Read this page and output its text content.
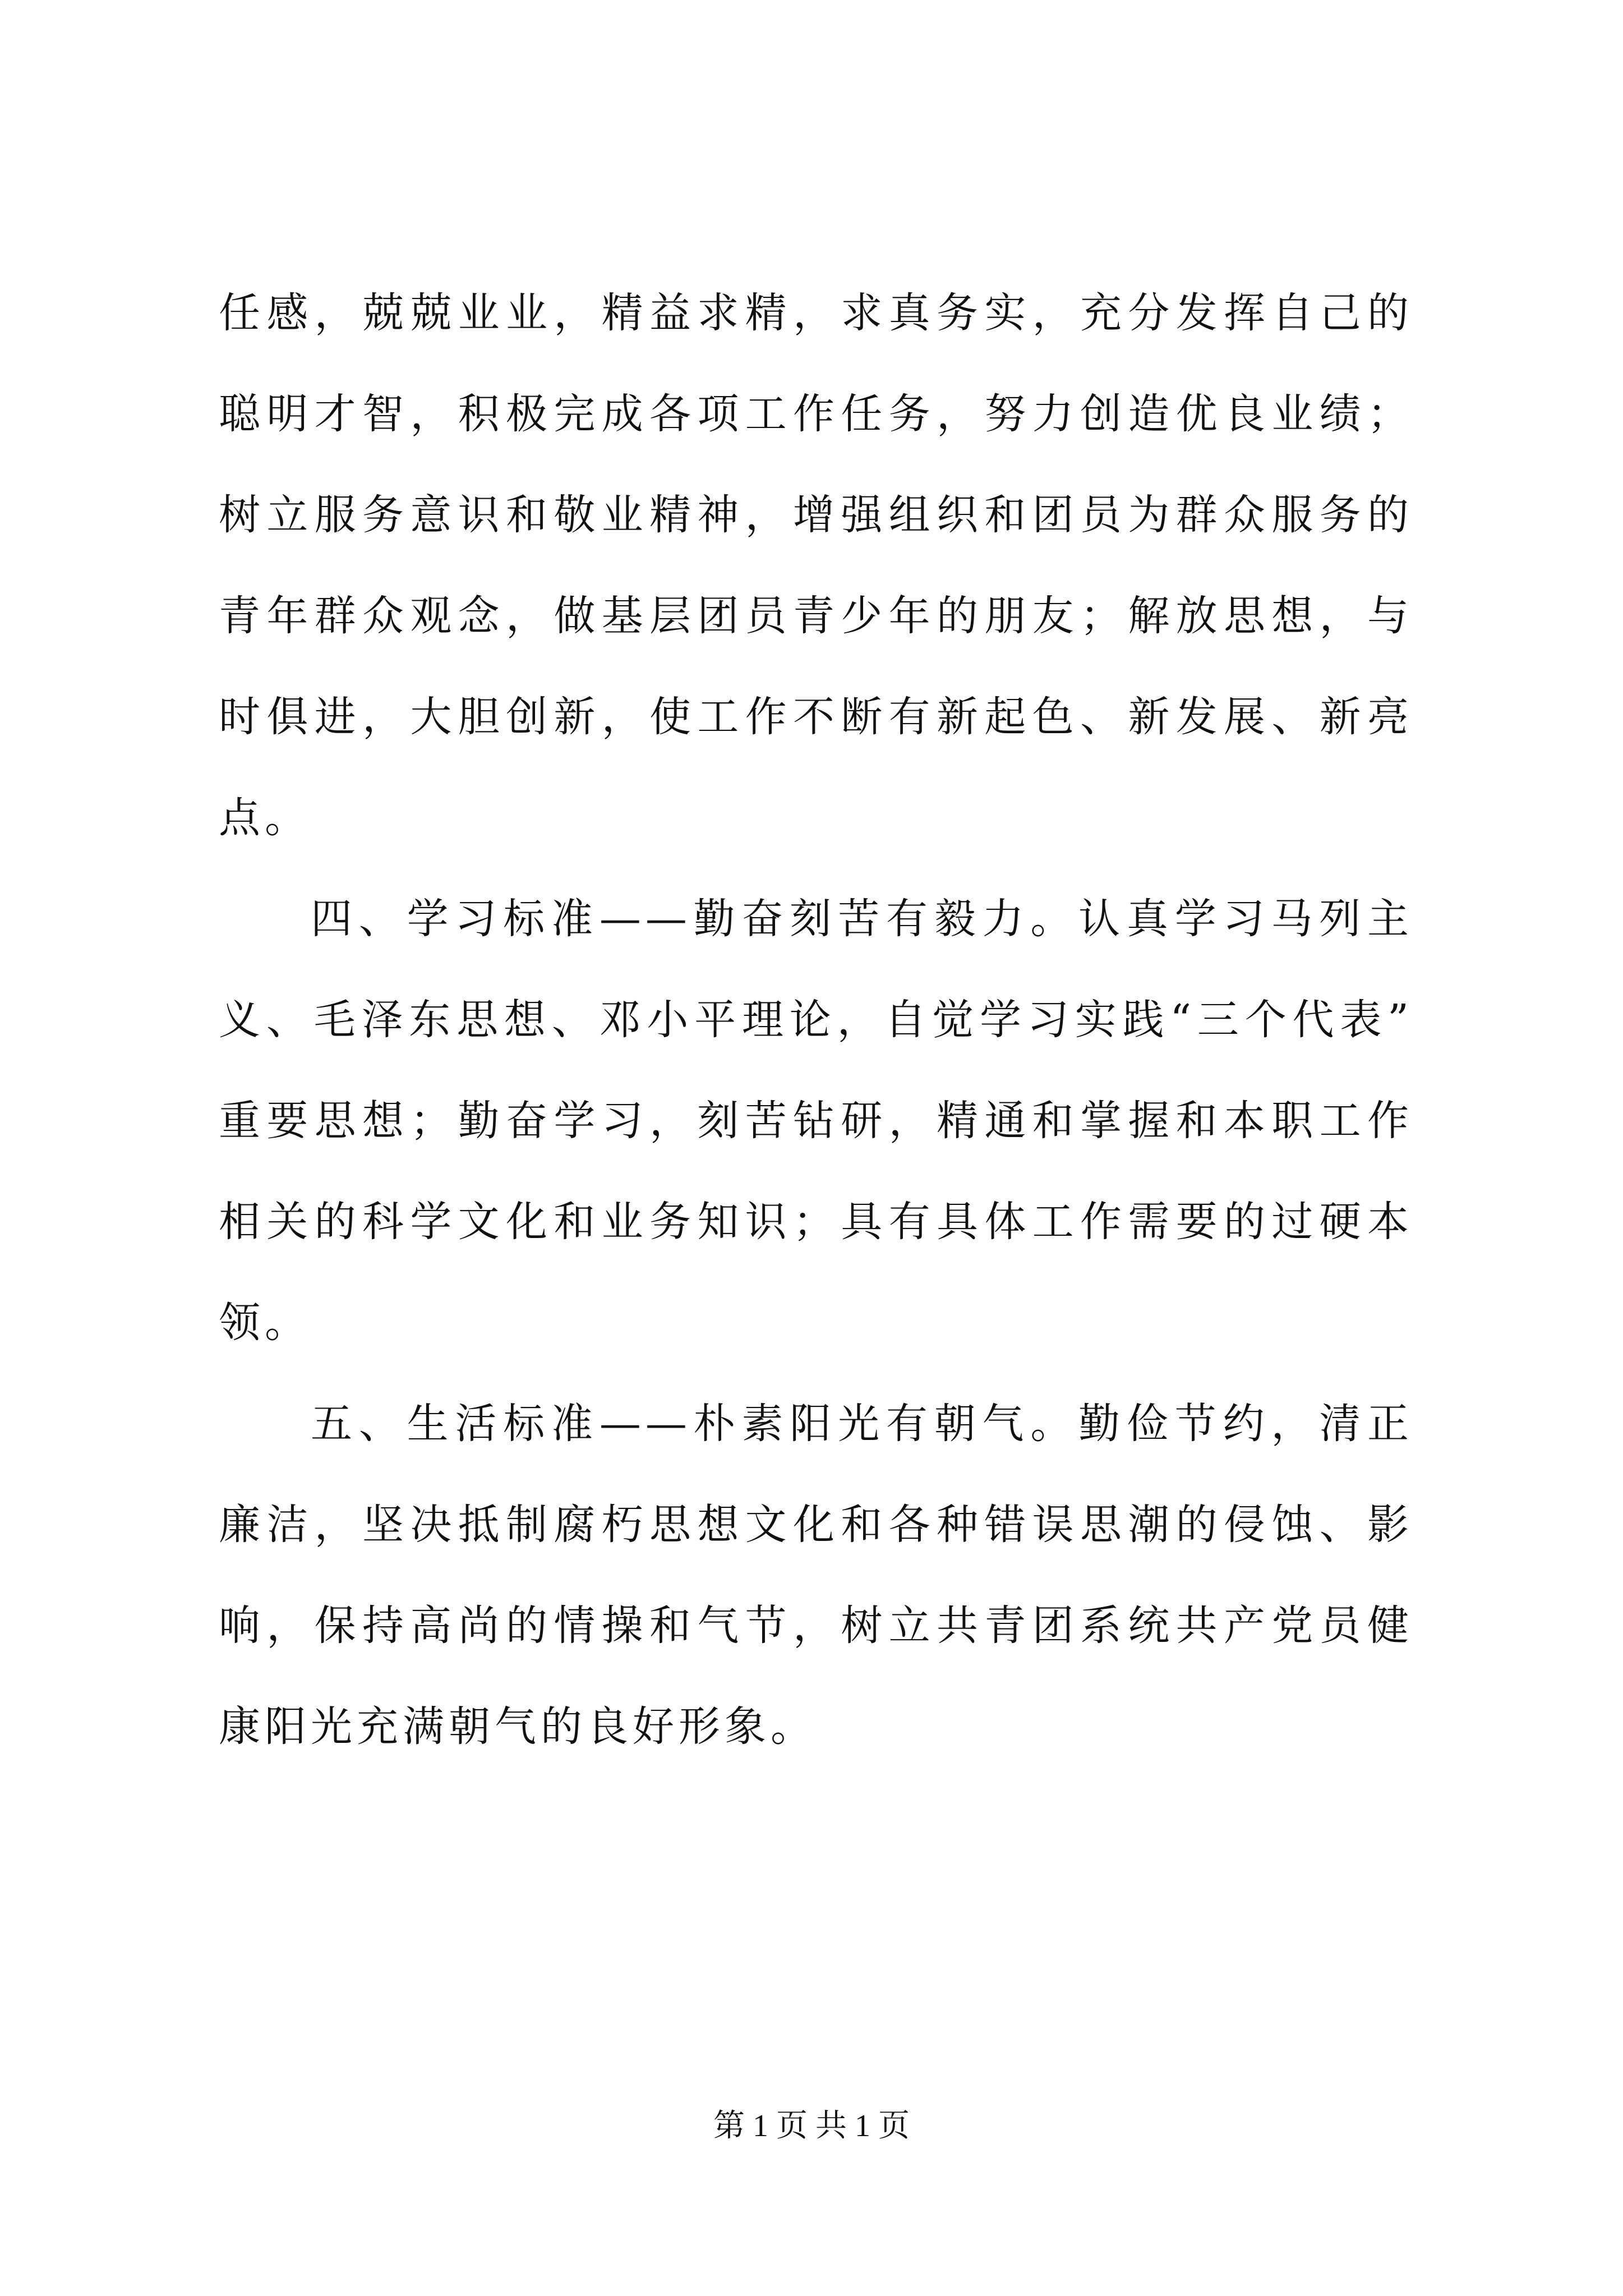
任感，兢兢业业，精益求精，求真务实，充分发挥自己的聪明才智，积极完成各项工作任务，努力创造优良业绩；树立服务意识和敬业精神，增强组织和团员为群众服务的青年群众观念，做基层团员青少年的朋友；解放思想，与时俱进，大胆创新，使工作不断有新起色、新发展、新亮点。

四、学习标准——勤奋刻苦有毅力。认真学习马列主义、毛泽东思想、邓小平理论，自觉学习实践“三个代表”重要思想；勤奋学习，刻苦钻研，精通和掌握和本职工作相关的科学文化和业务知识；具有具体工作需要的过硬本领。

五、生活标准——朴素阳光有朝气。勤俭节约，清正廉洁，坚决抵制腐朽思想文化和各种错误思潮的侵蚀、影响，保持高尚的情操和气节，树立共青团系统共产党员健康阳光充满朝气的良好形象。

第 1 页 共 1 页
